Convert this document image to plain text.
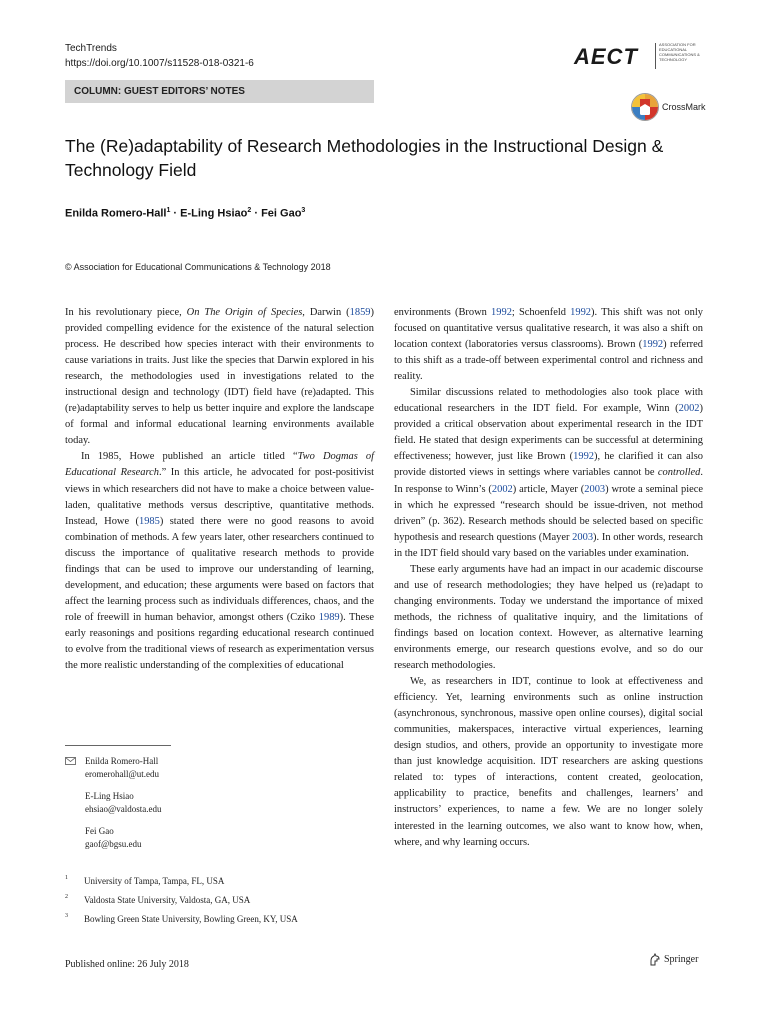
TechTrends
https://doi.org/10.1007/s11528-018-0321-6	AECT	ASSOCIATION FOR EDUCATIONAL COMMUNICATIONS & TECHNOLOGY
COLUMN: GUEST EDITORS’ NOTES
CrossMark
The (Re)adaptability of Research Methodologies in the Instructional Design & Technology Field
Enilda Romero-Hall$^1$ · E-Ling Hsiao$^2$ · Fei Gao$^3$
© Association for Educational Communications & Technology 2018

In his revolutionary piece, On The Origin of Species, Darwin (1859) provided compelling evidence for the existence of the natural selection process. He described how species interact with their environments to cause variations in traits. Just like the species that Darwin explored in his research, the methodologies used in investigations related to the instructional design and technology (IDT) field have (re)adapted. This (re)adaptability serves to help us better inquire and explore the landscape of formal and informal educational learning environments available today.

In 1985, Howe published an article titled “Two Dogmas of Educational Research.” In this article, he advocated for post-positivist views in which researchers did not have to make a choice between value-laden, qualitative methods versus descriptive, quantitative methods. Instead, Howe (1985) stated there were no good reasons to avoid combination of methods. A few years later, other researchers continued to discuss the importance of qualitative research methods to provide findings that can be used to improve our understanding of learning, development, and education; these arguments were based on factors that affect the learning process such as individuals differences, chaos, and the role of freewill in human behavior, amongst others (Cziko 1989). These early reasonings and positions regarding educational research continued to evolve from the traditional views of research as experimentation versus the more realistic understanding of the complexities of educational

environments (Brown 1992; Schoenfeld 1992). This shift was not only focused on quantitative versus qualitative research, it was also a shift on location context (laboratories versus classrooms). Brown (1992) referred to this shift as a trade-off between experimental control and richness and reality.

Similar discussions related to methodologies also took place with educational researchers in the IDT field. For example, Winn (2002) provided a critical observation about experimental research in the IDT field. He stated that design experiments can be successful at determining effectiveness; however, just like Brown (1992), he clarified it can also provide distorted views in settings where variables cannot be controlled. In response to Winn’s (2002) article, Mayer (2003) wrote a seminal piece in which he expressed “research should be issue-driven, not method driven” (p. 362). Research methods should be selected based on specific hypothesis and research questions (Mayer 2003). In other words, research in the IDT field should vary based on the variables under examination.

These early arguments have had an impact in our academic discourse and use of research methodologies; they have helped us (re)adapt to changing environments. Today we understand the importance of mixed methods, the richness of qualitative inquiry, and the limitations of findings based on location context. However, as alternative learning environments emerge, our research questions evolve, and so do our research methodologies.

We, as researchers in IDT, continue to look at effectiveness and efficiency. Yet, learning environments such as online instruction (asynchronous, synchronous, massive open online courses), digital social communities, makerspaces, interactive virtual experiences, learning design studios, and others, provide an opportunity to investigate more than just knowledge acquisition. IDT researchers are asking questions related to: types of interactions, content created, geolocation, applicability to practice, benefits and challenges, learners’ and instructors’ experiences, to name a few. We are no longer solely interested in the learning outcomes, we also want to know how, when, where, and why learning occurs.

Enilda Romero-Hall
eromerohall@ut.edu
E-Ling Hsiao
ehsiao@valdosta.edu
Fei Gao
gaof@bgsu.edu
1 University of Tampa, Tampa, FL, USA
2 Valdosta State University, Valdosta, GA, USA
3 Bowling Green State University, Bowling Green, KY, USA
Published online: 26 July 2018	Springer
